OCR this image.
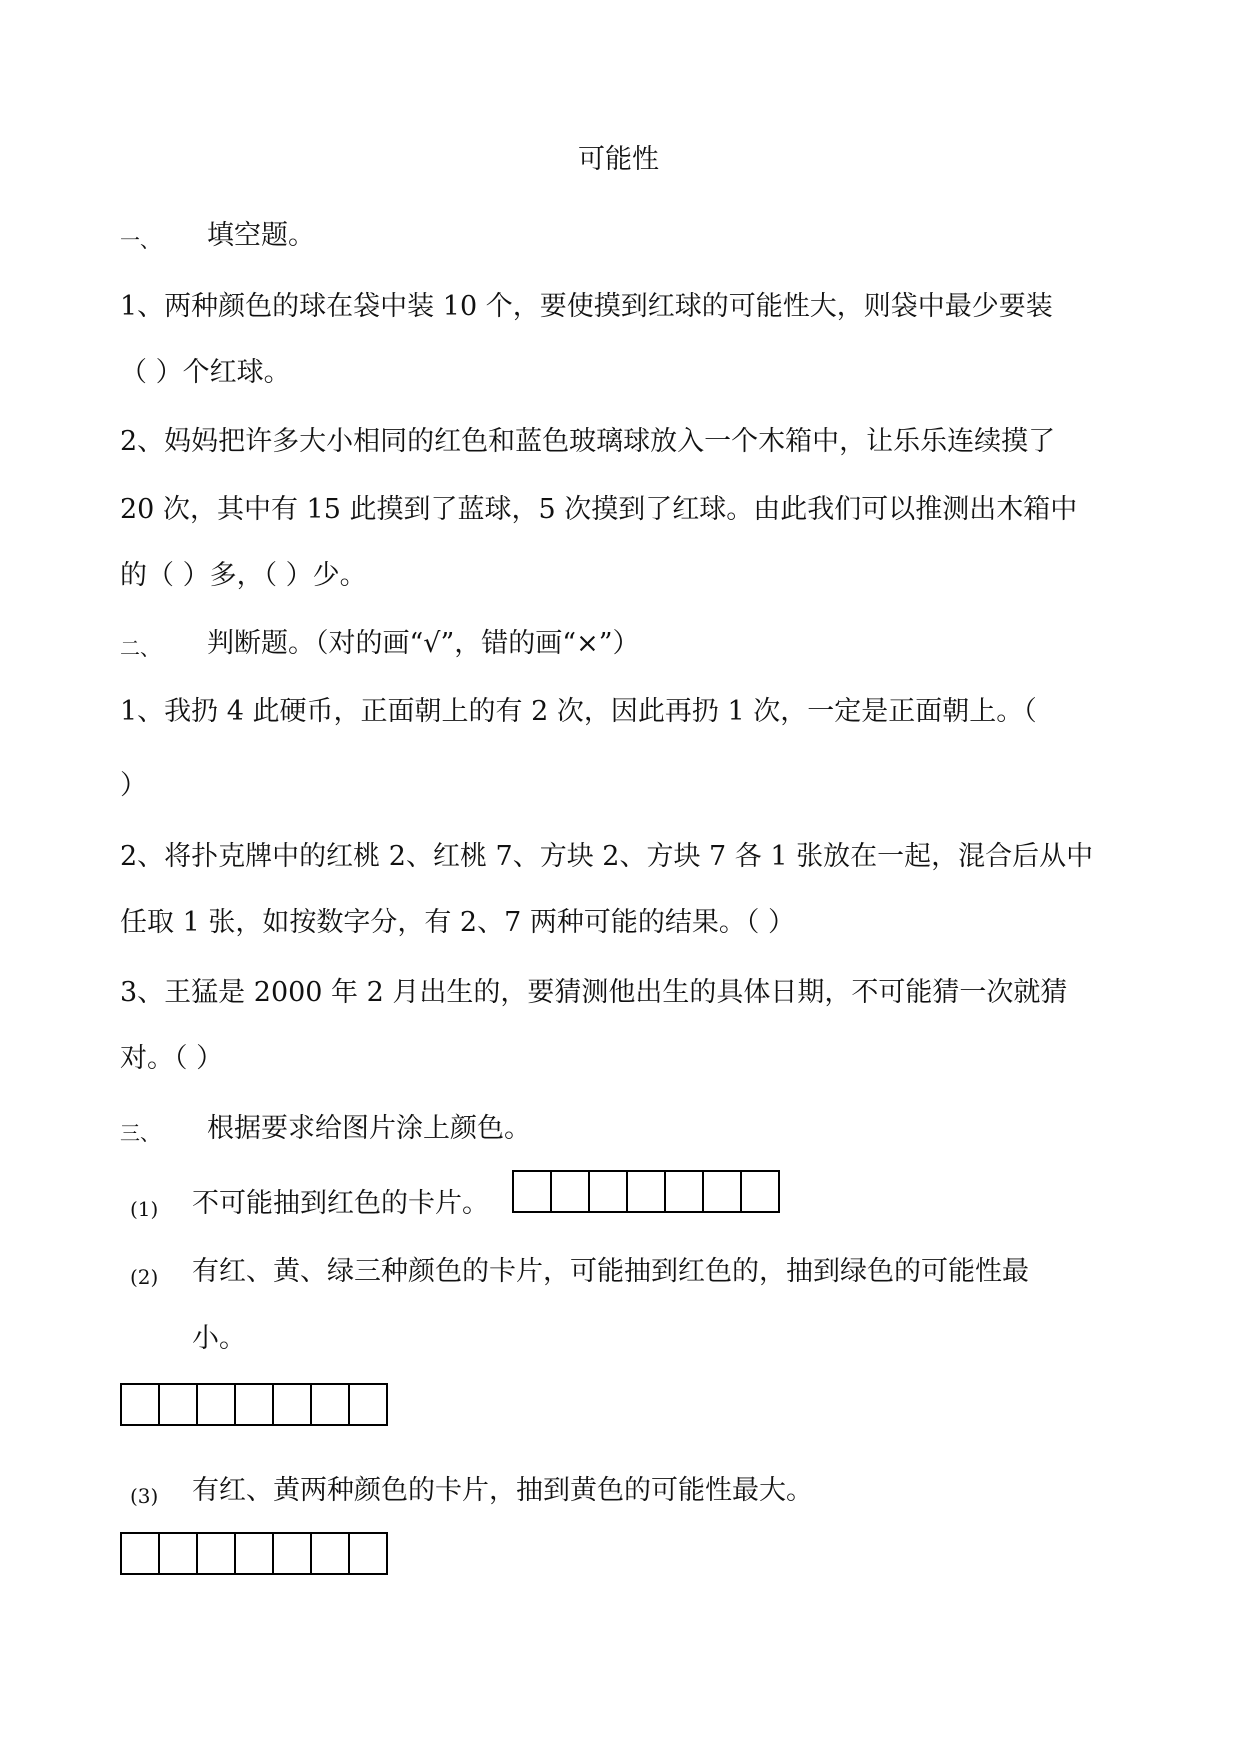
可能性
一、 填空题。
1、两种颜色的球在袋中装 10 个，要使摸到红球的可能性大，则袋中最少要装
（ ）个红球。
2、妈妈把许多大小相同的红色和蓝色玻璃球放入一个木箱中，让乐乐连续摸了
20 次，其中有 15 此摸到了蓝球，5 次摸到了红球。由此我们可以推测出木箱中
的（ ）多，（ ）少。
二、 判断题。（对的画“√”，错的画“×”）
1、我扔 4 此硬币，正面朝上的有 2 次，因此再扔 1 次，一定是正面朝上。（
）
2、将扑克牌中的红桃 2、红桃 7、方块 2、方块 7 各 1 张放在一起，混合后从中
任取 1 张，如按数字分，有 2、7 两种可能的结果。（ ）
3、王猛是 2000 年 2 月出生的，要猜测他出生的具体日期，不可能猜一次就猜
对。（ ）
三、 根据要求给图片涂上颜色。
(1) 不可能抽到红色的卡片。
(2) 有红、黄、绿三种颜色的卡片，可能抽到红色的，抽到绿色的可能性最
小。
(3) 有红、黄两种颜色的卡片，抽到黄色的可能性最大。
